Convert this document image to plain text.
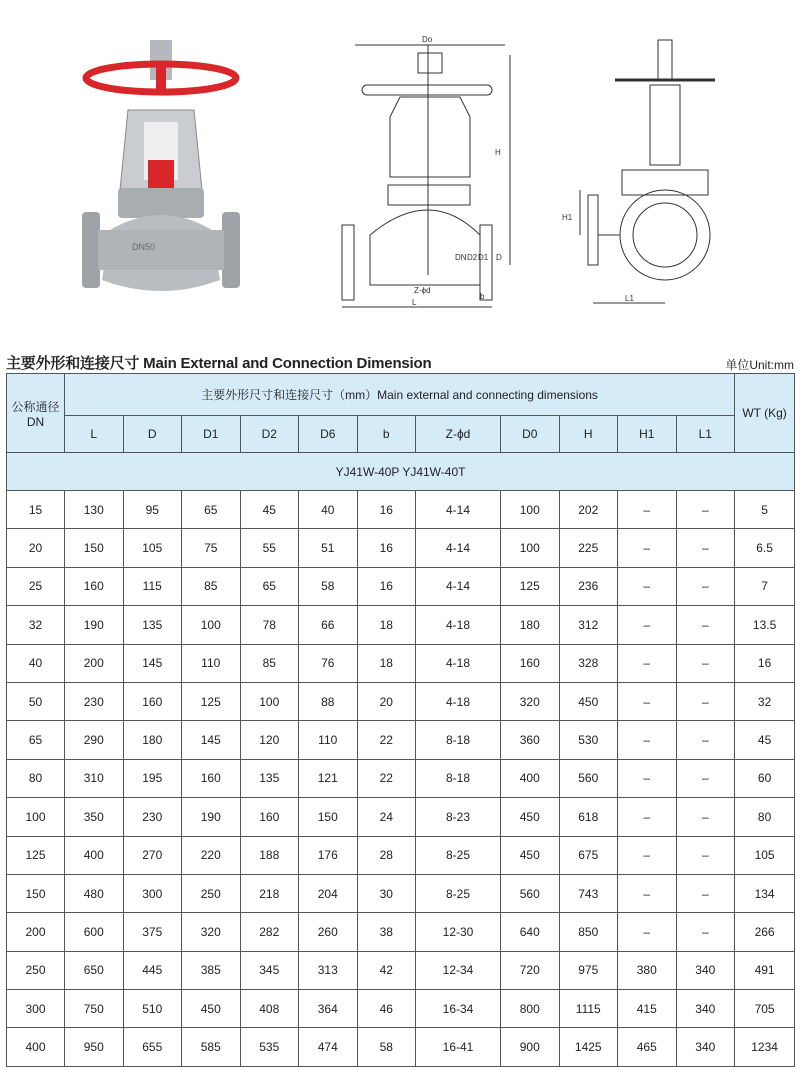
DN50
Do
H
DN D2 D1 D
Z-ϕd
b
L
H1
L1
主要外形和连接尺寸 Main External and Connection Dimension	单位Unit:mm
公称通径 DN	主要外形尺寸和连接尺寸（mm）Main external and connecting dimensions											WT (Kg)
	L	D	D1	D2	D6	b	Z-ϕd	D0	H	H1	L1	
YJ41W-40P YJ41W-40T												
15	130	95	65	45	40	16	4-14	100	202	–	–	5
20	150	105	75	55	51	16	4-14	100	225	–	–	6.5
25	160	115	85	65	58	16	4-14	125	236	–	–	7
32	190	135	100	78	66	18	4-18	180	312	–	–	13.5
40	200	145	110	85	76	18	4-18	160	328	–	–	16
50	230	160	125	100	88	20	4-18	320	450	–	–	32
65	290	180	145	120	110	22	8-18	360	530	–	–	45
80	310	195	160	135	121	22	8-18	400	560	–	–	60
100	350	230	190	160	150	24	8-23	450	618	–	–	80
125	400	270	220	188	176	28	8-25	450	675	–	–	105
150	480	300	250	218	204	30	8-25	560	743	–	–	134
200	600	375	320	282	260	38	12-30	640	850	–	–	266
250	650	445	385	345	313	42	12-34	720	975	380	340	491
300	750	510	450	408	364	46	16-34	800	1115	415	340	705
400	950	655	585	535	474	58	16-41	900	1425	465	340	1234
